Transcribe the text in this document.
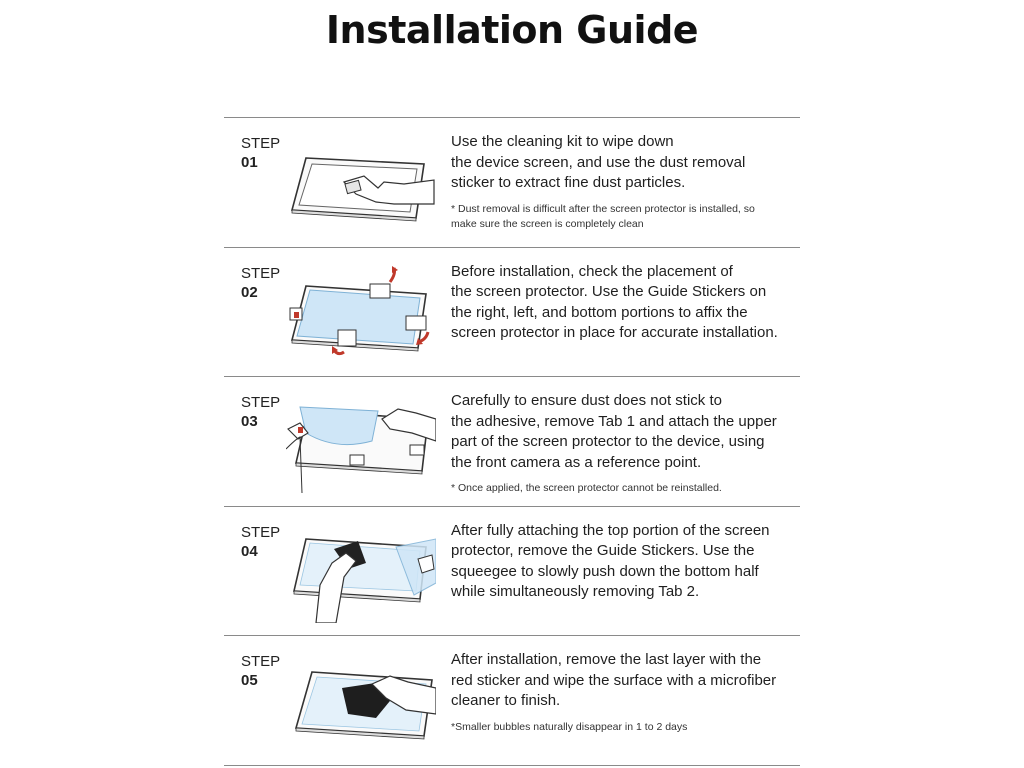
Installation Guide
STEP
01

Use the cleaning kit to wipe down
the device screen, and use the dust removal
sticker to extract fine dust particles.

* Dust removal is difficult after the screen protector is installed, so
make sure the screen is completely clean

STEP
02

Before installation, check the placement of
the screen protector. Use the Guide Stickers on
the right, left, and bottom portions to affix the
screen protector in place for accurate installation.

STEP
03

Carefully to ensure dust does not stick to
the adhesive, remove Tab 1 and attach the upper
part of the screen protector to the device, using
the front camera as a reference point.

* Once applied, the screen protector cannot be reinstalled.

STEP
04

After fully attaching the top portion of the screen
protector, remove the Guide Stickers. Use the
squeegee to slowly push down the bottom half
while simultaneously removing Tab 2.

STEP
05

After installation, remove the last layer with the
red sticker and wipe the surface with a microfiber
cleaner to finish.

*Smaller bubbles naturally disappear in 1 to 2 days
